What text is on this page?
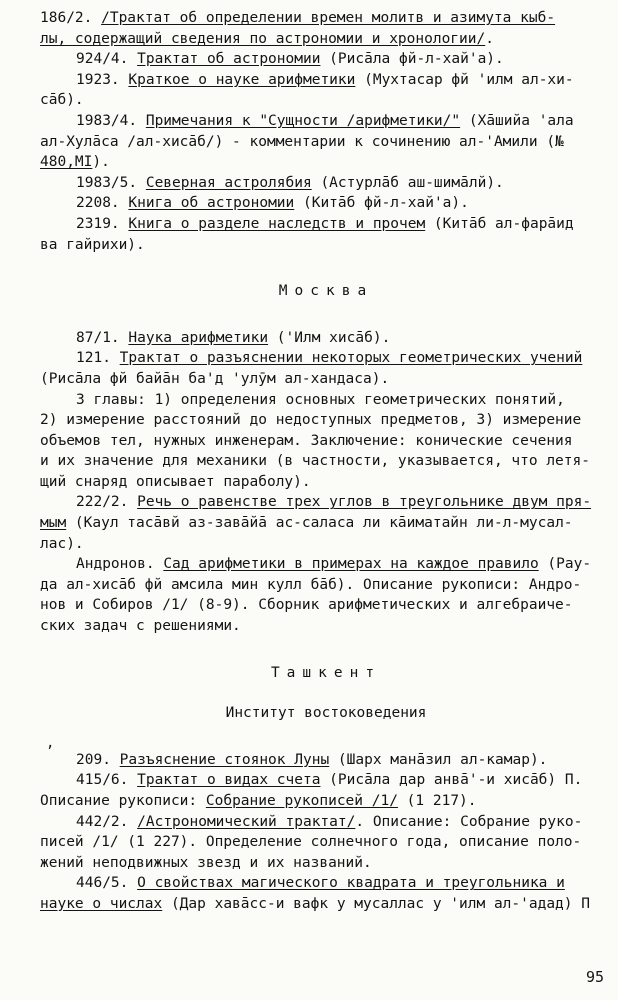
186/2. /Трактат об определении времен молитв и азимута кыб-
лы, содержащий сведения по астрономии и хронологии/.
924/4. Трактат об астрономии (Рисāла фй-л-хай'а).
1923. Краткое о науке арифметики (Мухтасар фй 'илм ал-хи-
сāб).
1983/4. Примечания к "Сущности /арифметики/" (Хāшийа 'ала
ал-Хулāса /ал-хисāб/) - комментарии к сочинению ал-'Амили (№
480,МI).
1983/5. Северная астролябия (Астурлāб аш-шимāлй).
2208. Книга об астрономии (Китāб фй-л-хай'а).
2319. Книга о разделе наследств и прочем (Китāб ал-фарāид
ва гайрихи).
Москва
87/1. Наука арифметики ('Илм хисāб).
121. Трактат о разъяснении некоторых геометрических учений
(Рисāла фй байāн ба'д 'улӯм ал-хандаса).
3 главы: 1) определения основных геометрических понятий,
2) измерение расстояний до недоступных предметов, 3) измерение
объемов тел, нужных инженерам. Заключение: конические сечения
и их значение для механики (в частности, указывается, что летя-
щий снаряд описывает параболу).
222/2. Речь о равенстве трех углов в треугольнике двум пря-
мым (Каул тасāвй аз-завāйā ас-саласа ли кāиматайн ли-л-мусал-
лас).
Андронов. Сад арифметики в примерах на каждое правило (Рау-
да ал-хисāб фй амсила мин кулл бāб). Описание рукописи: Андро-
нов и Собиров /1/ (8-9). Сборник арифметических и алгебраиче-
ских задач с решениями.
Ташкент
Институт востоковедения
209. Разъяснение стоянок Луны (Шарх манāзил ал-камар).
415/6. Трактат о видах счета (Рисāла дар анвā'-и хисāб) П.
Описание рукописи: Собрание рукописей /1/ (1 217).
442/2. /Астрономический трактат/. Описание: Собрание руко-
писей /1/ (1 227). Определение солнечного года, описание поло-
жений неподвижных звезд и их названий.
446/5. О свойствах магического квадрата и треугольника и
науке о числах (Дар хавāсс-и вафк у мусаллас у 'илм ал-'адад) П
,
95
